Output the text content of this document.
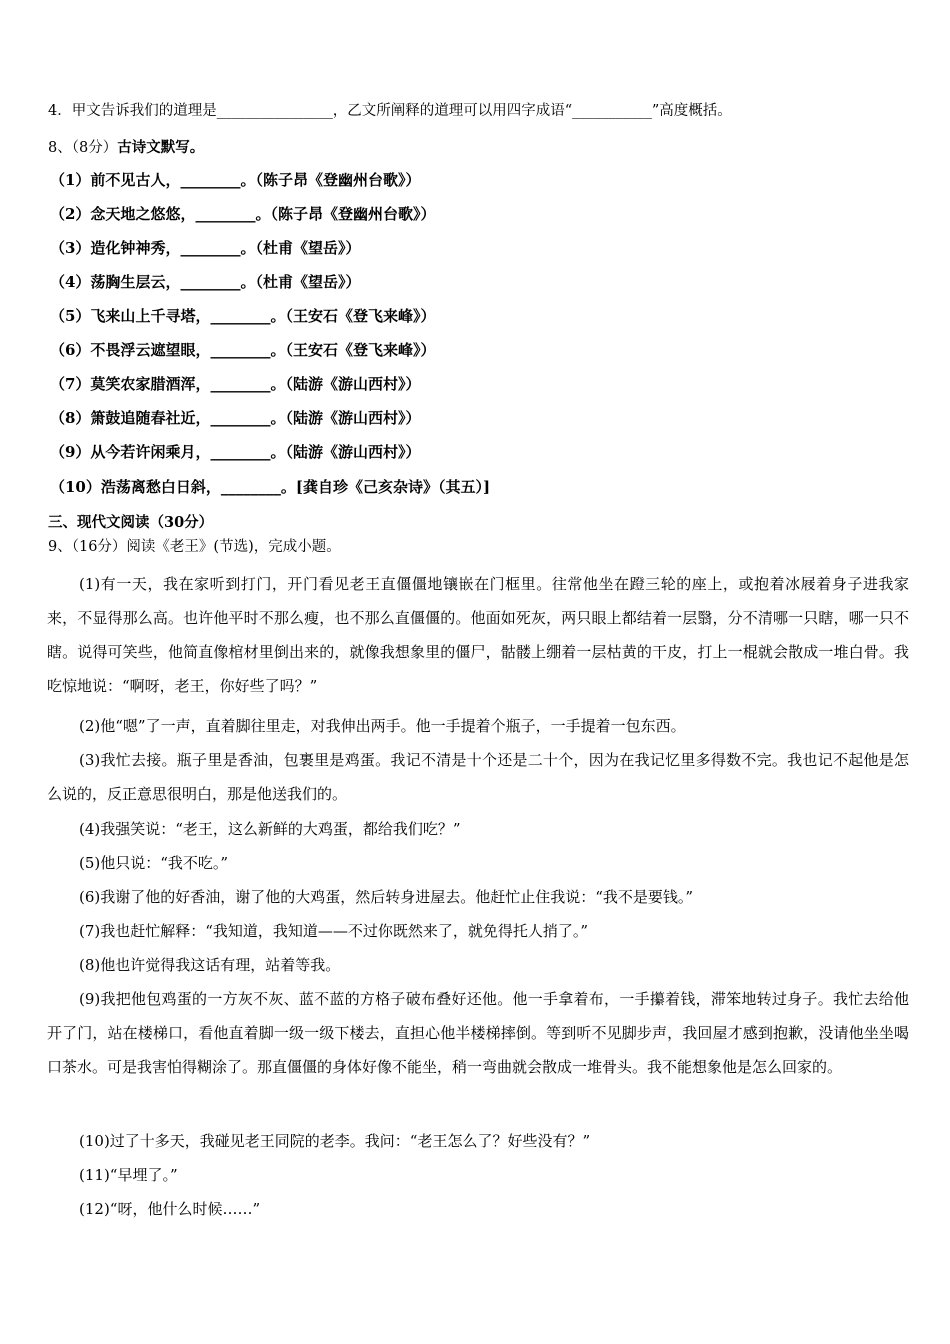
4．甲文告诉我们的道理是________________，乙文所阐释的道理可以用四字成语“___________”高度概括。
8、（8分）古诗文默写。
（1）前不见古人，________。（陈子昂《登幽州台歌》）
（2）念天地之悠悠，________。（陈子昂《登幽州台歌》）
（3）造化钟神秀，________。（杜甫《望岳》）
（4）荡胸生层云，________。（杜甫《望岳》）
（5）飞来山上千寻塔，________。（王安石《登飞来峰》）
（6）不畏浮云遮望眼，________。（王安石《登飞来峰》）
（7）莫笑农家腊酒浑，________。（陆游《游山西村》）
（8）箫鼓追随春社近，________。（陆游《游山西村》）
（9）从今若许闲乘月，________。（陆游《游山西村》）
（10）浩荡离愁白日斜，________。[龚自珍《己亥杂诗》（其五）]
三、现代文阅读（30分）
9、（16分）阅读《老王》(节选)，完成小题。
(1)有一天，我在家听到打门，开门看见老王直僵僵地镶嵌在门框里。往常他坐在蹬三轮的座上，或抱着冰屐着身子进我家来，不显得那么高。也许他平时不那么瘦，也不那么直僵僵的。他面如死灰，两只眼上都结着一层翳，分不清哪一只瞎，哪一只不瞎。说得可笑些，他简直像棺材里倒出来的，就像我想象里的僵尸，骷髅上绷着一层枯黄的干皮，打上一棍就会散成一堆白骨。我吃惊地说：“啊呀，老王，你好些了吗？”
(2)他“嗯”了一声，直着脚往里走，对我伸出两手。他一手提着个瓶子，一手提着一包东西。
(3)我忙去接。瓶子里是香油，包裹里是鸡蛋。我记不清是十个还是二十个，因为在我记忆里多得数不完。我也记不起他是怎么说的，反正意思很明白，那是他送我们的。
(4)我强笑说：“老王，这么新鲜的大鸡蛋，都给我们吃？”
(5)他只说：“我不吃。”
(6)我谢了他的好香油，谢了他的大鸡蛋，然后转身进屋去。他赶忙止住我说：“我不是要钱。”
(7)我也赶忙解释：“我知道，我知道——不过你既然来了，就免得托人捎了。”
(8)他也许觉得我这话有理，站着等我。
(9)我把他包鸡蛋的一方灰不灰、蓝不蓝的方格子破布叠好还他。他一手拿着布，一手攥着钱，滞笨地转过身子。我忙去给他开了门，站在楼梯口，看他直着脚一级一级下楼去，直担心他半楼梯摔倒。等到听不见脚步声，我回屋才感到抱歉，没请他坐坐喝口茶水。可是我害怕得糊涂了。那直僵僵的身体好像不能坐，稍一弯曲就会散成一堆骨头。我不能想象他是怎么回家的。
(10)过了十多天，我碰见老王同院的老李。我问：“老王怎么了？好些没有？”
(11)“早埋了。”
(12)“呀，他什么时候……”
